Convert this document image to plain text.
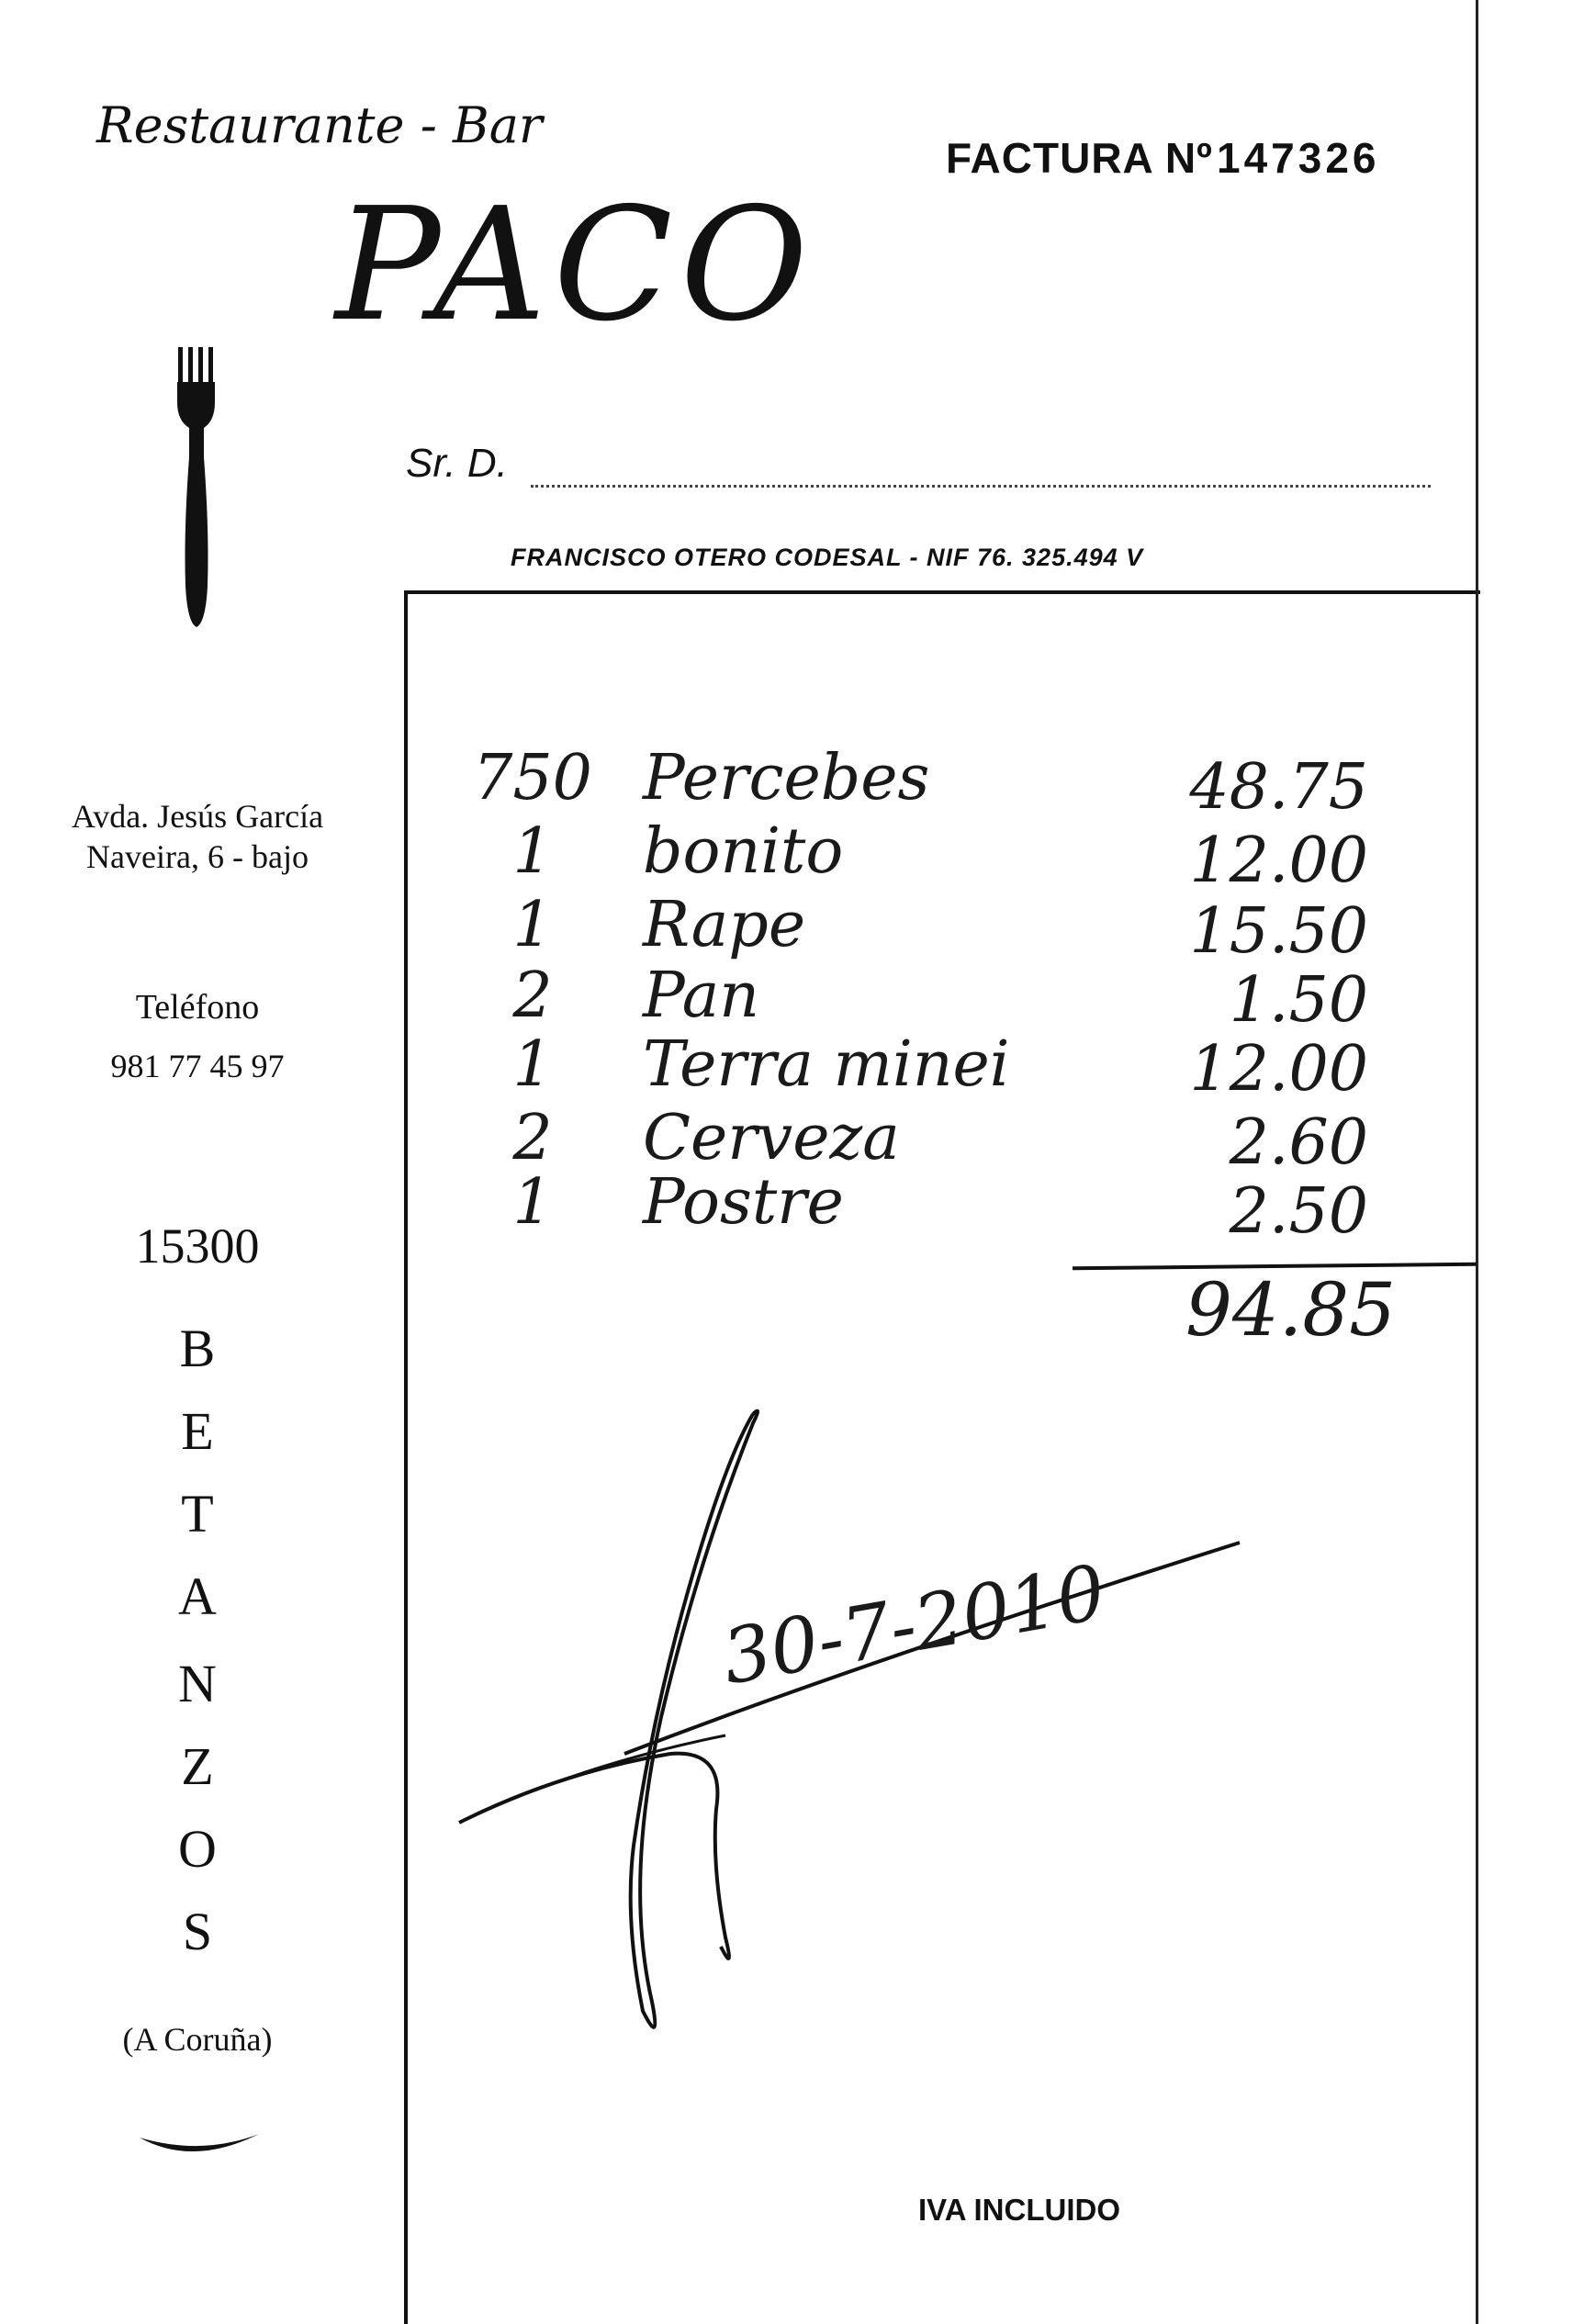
Restaurante - Bar
PACO
FACTURA Nº 147326
Sr. D.
FRANCISCO OTERO CODESAL - NIF 76. 325.494 V
Avda. Jesús García
Naveira, 6 - bajo
Teléfono
981 77 45 97
15300
B
E
T
A
N
Z
O
S
(A Coruña)
750 Percebes	48.75
1	bonito	12.00
1	Rape	15.50
2	Pan	1.50
1	Terra minei	12.00
2	Cerveza	2.60
1	Postre	2.50
94.85
30-7-2010
IVA INCLUIDO
